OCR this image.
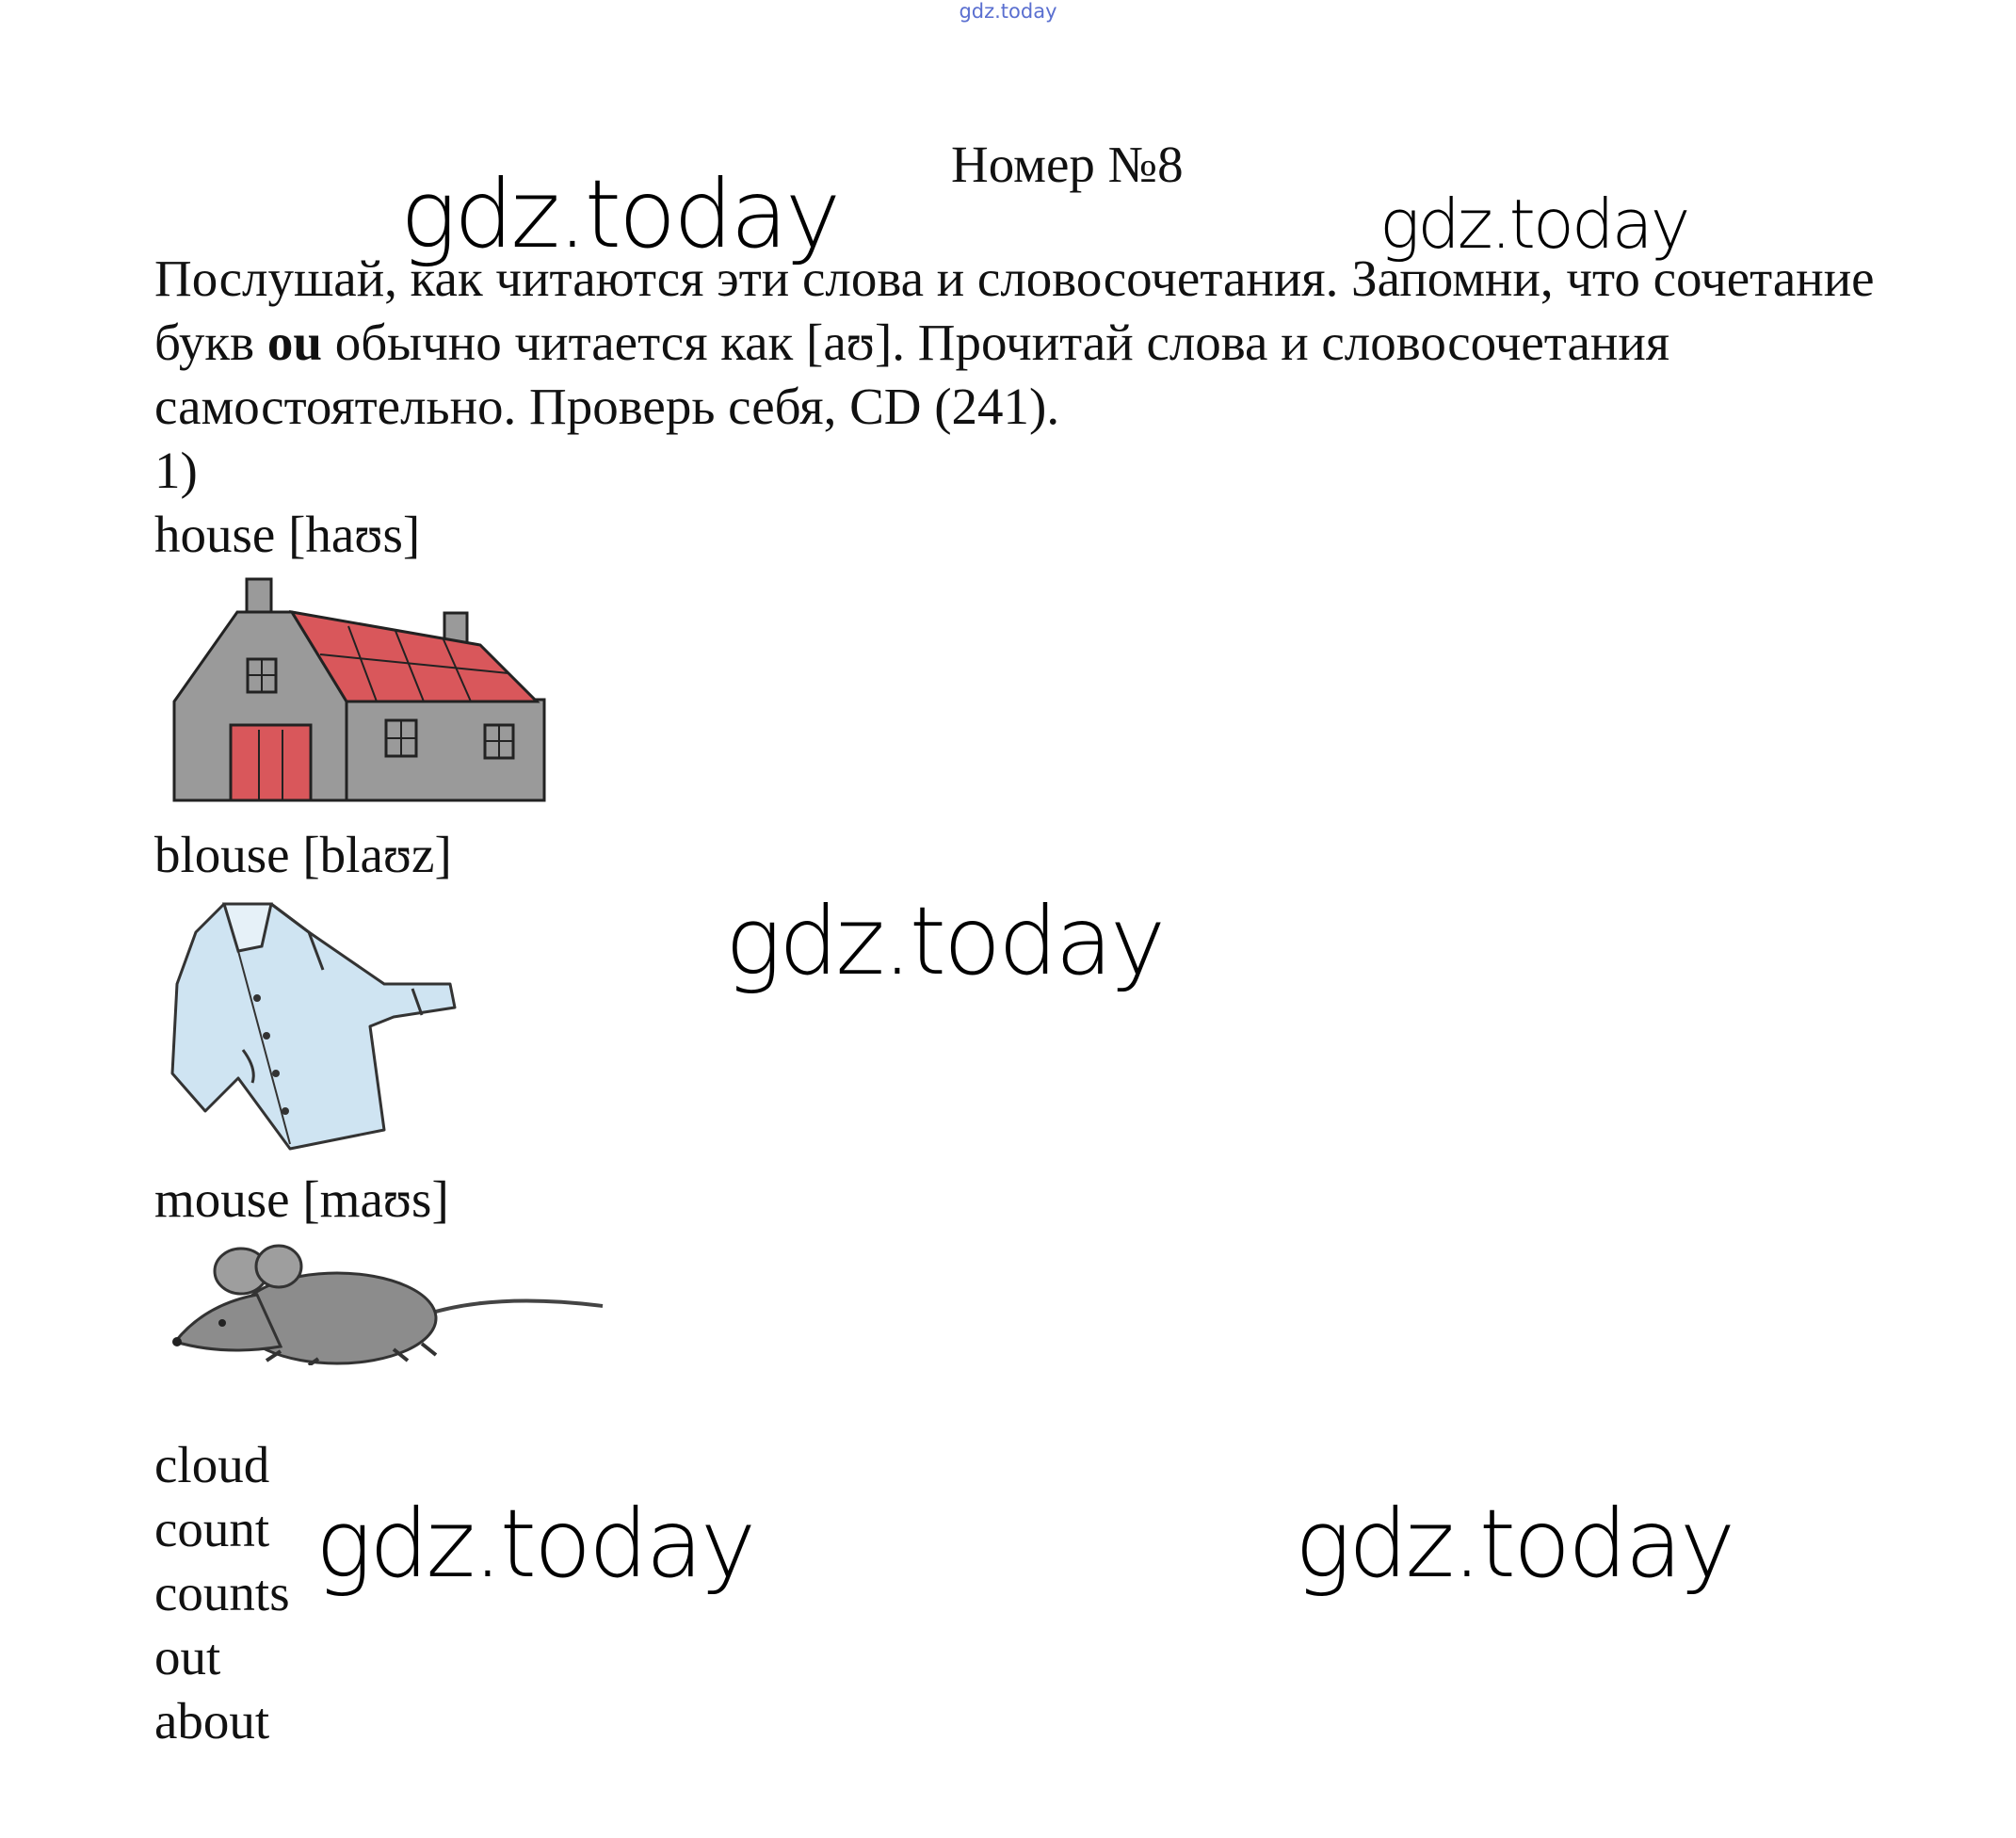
gdz.today
gdz.today	gdz.today
gdz.today
gdz.today	gdz.today
Номер №8
Послушай, как читаются эти слова и словосочетания. Запомни, что сочетание букв ou обычно читается как [aʊ]. Прочитай слова и словосочетания самостоятельно. Проверь себя, CD (241).
1)
house [haʊs]
blouse [blaʊz]
mouse [maʊs]
cloud
count
counts
out
about
